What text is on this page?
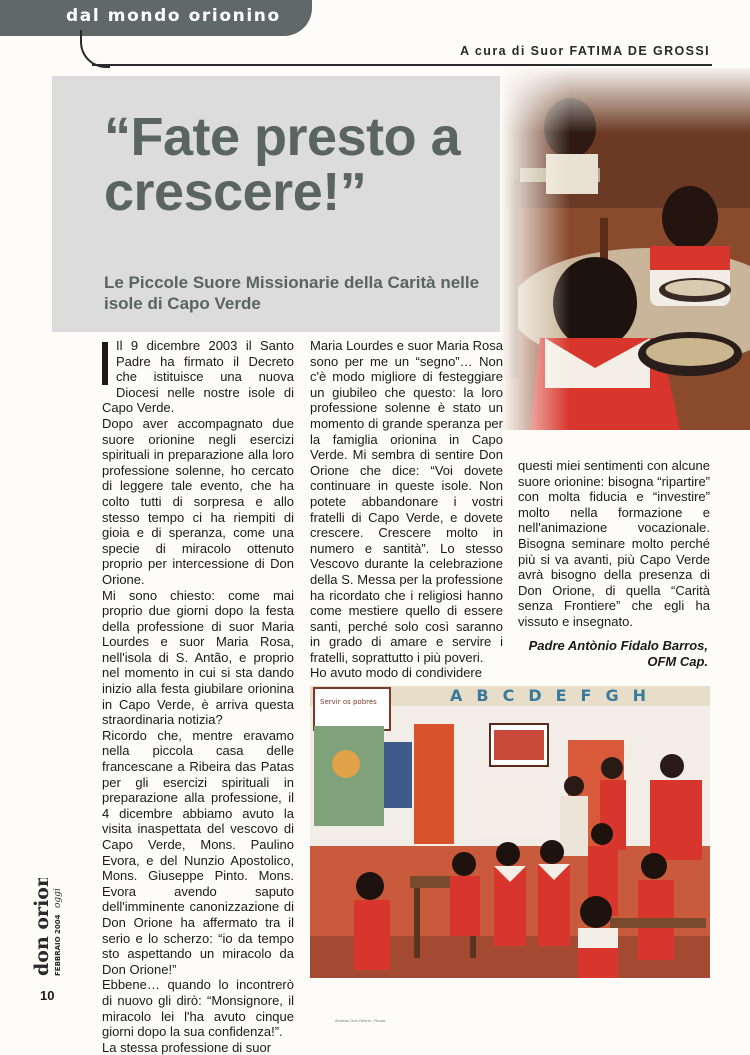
dal mondo orionino
A cura di Suor FATIMA DE GROSSI
“Fate presto a crescere!”
Le Piccole Suore Missionarie della Carità nelle isole di Capo Verde

Il 9 dicembre 2003 il Santo Padre ha firmato il Decreto che istituisce una nuova Diocesi nelle nostre isole di Capo Verde.

Dopo aver accompagnato due suore orionine negli esercizi spirituali in preparazione alla loro professione solenne, ho cercato di leggere tale evento, che ha colto tutti di sorpresa e allo stesso tempo ci ha riempiti di gioia e di speranza, come una specie di miracolo ottenuto proprio per intercessione di Don Orione.

Mi sono chiesto: come mai proprio due giorni dopo la festa della professione di suor Maria Lourdes e suor Maria Rosa, nell'isola di S. Antão, e proprio nel momento in cui si sta dando inizio alla festa giubilare orionina in Capo Verde, è arriva questa straordinaria notizia?

Ricordo che, mentre eravamo nella piccola casa delle francescane a Ribeira das Patas per gli esercizi spirituali in preparazione alla professione, il 4 dicembre abbiamo avuto la visita inaspettata del vescovo di Capo Verde, Mons. Paulino Evora, e del Nunzio Apostolico, Mons. Giuseppe Pinto. Mons. Evora avendo saputo dell'imminente canonizzazione di Don Orione ha affermato tra il serio e lo scherzo: “io da tempo sto aspettando un miracolo da Don Orione!”

Ebbene… quando lo incontrerò di nuovo gli dirò: “Monsignore, il miracolo lei l'ha avuto cinque giorni dopo la sua confidenza!”.

La stessa professione di suor

Maria Lourdes e suor Maria Rosa sono per me un “segno”… Non c'è modo migliore di festeggiare un giubileo che questo: la loro professione solenne è stato un momento di grande speranza per la famiglia orionina in Capo Verde. Mi sembra di sentire Don Orione che dice: “Voi dovete continuare in queste isole. Non potete abbandonare i vostri fratelli di Capo Verde, e dovete crescere. Crescere molto in numero e santità”. Lo stesso Vescovo durante la celebrazione della S. Messa per la professione ha ricordato che i religiosi hanno come mestiere quello di essere santi, perché solo così saranno in grado di amare e servire i fratelli, soprattutto i più poveri.

Ho avuto modo di condividere

questi miei sentimenti con alcune suore orionine: bisogna “ripartire” con molta fiducia e “investire” molto nella formazione e nell'animazione vocazionale. Bisogna seminare molto perché più si va avanti, più Capo Verde avrà bisogno della presenza di Don Orione, di quella “Carità senza Frontiere” che egli ha vissuto e insegnato.

Padre Antònio Fidalo Barros,
OFM Cap.
ABCDEFGH
Servir os pobres
don orione FEBBRAIO 2004
oggi
10
Archivio Don Orione - Roma
